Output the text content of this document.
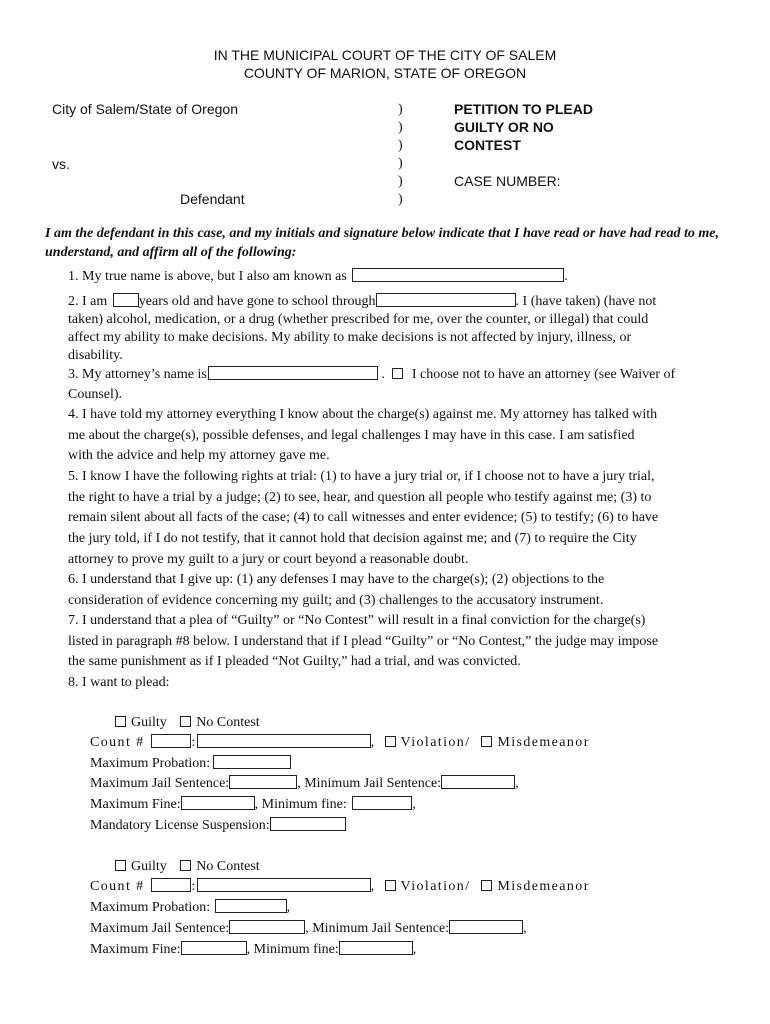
IN THE MUNICIPAL COURT OF THE CITY OF SALEM
COUNTY OF MARION, STATE OF OREGON
City of Salem/State of Oregon
vs.
Defendant
)
)
)
)
)
)
PETITION TO PLEAD
GUILTY OR NO
CONTEST
CASE NUMBER:
I am the defendant in this case, and my initials and signature below indicate that I have read or have had read to me, understand, and affirm all of the following:
1. My true name is above, but I also am known as	.
2. I am years old and have gone to school through	. I (have taken) (have not
taken) alcohol, medication, or a drug (whether prescribed for me, over the counter, or illegal) that could
affect my ability to make decisions. My ability to make decisions is not affected by injury, illness, or
disability.
3. My attorney’s name is	. I choose not to have an attorney (see Waiver of
Counsel).
4. I have told my attorney everything I know about the charge(s) against me. My attorney has talked with
me about the charge(s), possible defenses, and legal challenges I may have in this case. I am satisfied
with the advice and help my attorney gave me.
5. I know I have the following rights at trial: (1) to have a jury trial or, if I choose not to have a jury trial,
the right to have a trial by a judge; (2) to see, hear, and question all people who testify against me; (3) to
remain silent about all facts of the case; (4) to call witnesses and enter evidence; (5) to testify; (6) to have
the jury told, if I do not testify, that it cannot hold that decision against me; and (7) to require the City
attorney to prove my guilt to a jury or court beyond a reasonable doubt.
6. I understand that I give up: (1) any defenses I may have to the charge(s); (2) objections to the
consideration of evidence concerning my guilt; and (3) challenges to the accusatory instrument.
7. I understand that a plea of “Guilty” or “No Contest” will result in a final conviction for the charge(s)
listed in paragraph #8 below. I understand that if I plead “Guilty” or “No Contest,” the judge may impose
the same punishment as if I pleaded “Not Guilty,” had a trial, and was convicted.
8. I want to plead:
Guilty No Contest
Count #	:	, Violation/ Misdemeanor
Maximum Probation:
Maximum Jail Sentence:	, Minimum Jail Sentence:	,
Maximum Fine:	, Minimum fine:	,
Mandatory License Suspension:
Guilty No Contest
Count #	:	, Violation/ Misdemeanor
Maximum Probation:	,
Maximum Jail Sentence:	, Minimum Jail Sentence:	,
Maximum Fine:	, Minimum fine:	,
